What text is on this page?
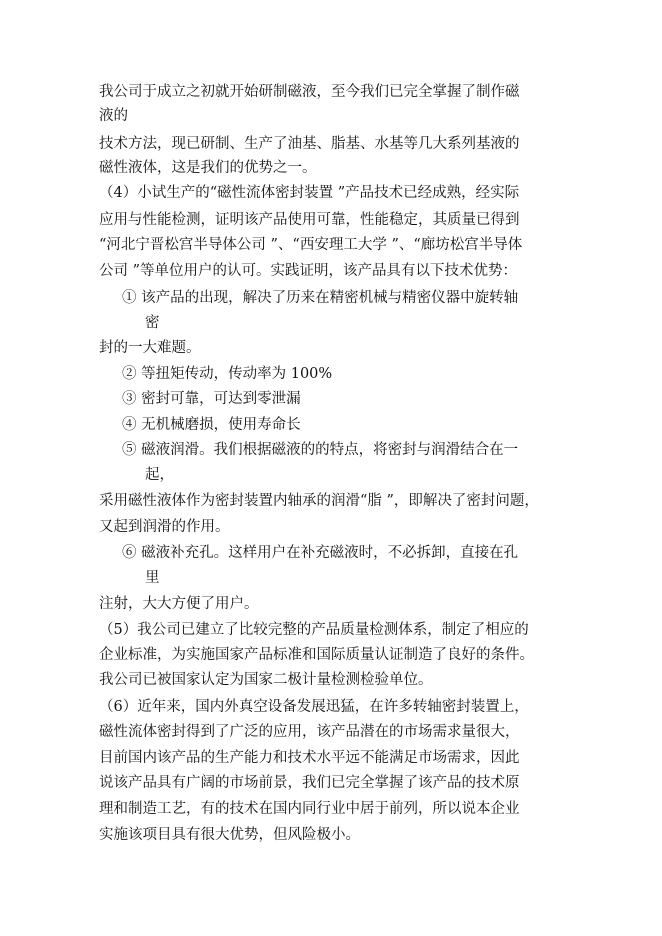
我公司于成立之初就开始研制磁液，至今我们已完全掌握了制作磁
液的
技术方法，现已研制、生产了油基、脂基、水基等几大系列基液的
磁性液体，这是我们的优势之一。
（4）小试生产的“磁性流体密封装置 ”产品技术已经成熟，经实际
应用与性能检测，证明该产品使用可靠，性能稳定，其质量已得到
“河北宁晋松宫半导体公司 ”、“西安理工大学 ”、“廊坊松宫半导体
公司 ”等单位用户的认可。实践证明，该产品具有以下技术优势：
① 该产品的出现，解决了历来在精密机械与精密仪器中旋转轴
密
封的一大难题。
② 等扭矩传动，传动率为 100%
③ 密封可靠，可达到零泄漏
④ 无机械磨损，使用寿命长
⑤ 磁液润滑。我们根据磁液的的特点，将密封与润滑结合在一
起，
采用磁性液体作为密封装置内轴承的润滑“脂 ”，即解决了密封问题，
又起到润滑的作用。
⑥ 磁液补充孔。这样用户在补充磁液时，不必拆卸，直接在孔
里
注射，大大方便了用户。
（5）我公司已建立了比较完整的产品质量检测体系，制定了相应的
企业标准，为实施国家产品标准和国际质量认证制造了良好的条件。
我公司已被国家认定为国家二极计量检测检验单位。
（6）近年来，国内外真空设备发展迅猛，在许多转轴密封装置上，
磁性流体密封得到了广泛的应用，该产品潜在的市场需求量很大，
目前国内该产品的生产能力和技术水平远不能满足市场需求，因此
说该产品具有广阔的市场前景，我们已完全掌握了该产品的技术原
理和制造工艺，有的技术在国内同行业中居于前列，所以说本企业
实施该项目具有很大优势，但风险极小。
